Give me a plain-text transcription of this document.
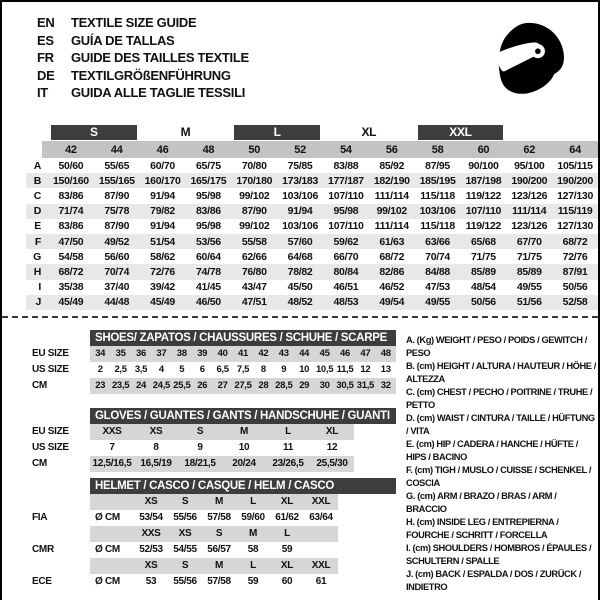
EN	TEXTILE SIZE GUIDE
ES	GUÍA DE TALLAS
FR	GUIDE DES TAILLES TEXTILE
DE	TEXTILGRÖßENFÜHRUNG
IT	GUIDA ALLE TAGLIE TESSILI
S	M	L	XL	XXL
42	44	46	48	50	52	54	56	58	60	62	64
A	50/60	55/65	60/70	65/75	70/80	75/85	83/88	85/92	87/95	90/100	95/100	105/115
B	150/160 155/165 160/170 165/175 170/180 173/183 177/187 182/190 185/195 187/198 190/200 190/200
C	83/86	87/90	91/94	95/98	99/102	103/106 107/110	111/114	115/118	119/122 123/126 127/130
D	71/74	75/78	79/82	83/86	87/90	91/94	95/98	99/102	103/106 107/110	111/114	115/119
E	83/86	87/90	91/94	95/98	99/102	103/106 107/110	111/114	115/118	119/122 123/126 127/130
F	47/50	49/52	51/54	53/56	55/58	57/60	59/62	61/63	63/66	65/68	67/70	68/72
G	54/58	56/60	58/62	60/64	62/66	64/68	66/70	68/72	70/74	71/75	71/75	72/76
H	68/72	70/74	72/76	74/78	76/80	78/82	80/84	82/86	84/88	85/89	85/89	87/91
I	35/38	37/40	39/42	41/45	43/47	45/50	46/51	46/52	47/53	48/54	49/55	50/56
J	45/49	44/48	45/49	46/50	47/51	48/52	48/53	49/54	49/55	50/56	51/56	52/58
SHOES/ ZAPATOS / CHAUSSURES / SCHUHE / SCARPE
EU SIZE	34	35	36	37	38	39	40	41	42	43	44	45	46	47	48
US SIZE	2	2,5 3,5	4	5	6	6,5 7,5	8	9	10 10,5 11,5 12	13
CM	23 23,5 24 24,5 25,5 26	27 27,5 28 28,5 29	30 30,5 31,5 32
GLOVES / GUANTES / GANTS / HANDSCHUHE / GUANTI
EU SIZE	XXS	XS	S	M	L	XL
US SIZE	7	8	9	10	11	12
CM	12,5/16,5 16,5/19	18/21,5	20/24	23/26,5	25,5/30
HELMET / CASCO / CASQUE / HELM / CASCO
XS	S	M	L	XL	XXL
FIA	Ø CM	53/54	55/56	57/58	59/60	61/62	63/64
XXS	XS	S	M	L
CMR	Ø CM	52/53	54/55	56/57	58	59
XS	S	M	L	XL	XXL
ECE	Ø CM	53	55/56	57/58	59	60	61
A. (Kg) WEIGHT / PESO / POIDS / GEWITCH / PESO
B. (cm) HEIGHT / ALTURA / HAUTEUR / HÖHE / ALTEZZA
C. (cm) CHEST / PECHO / POITRINE / TRUHE / PETTO
D. (cm) WAIST / CINTURA / TAILLE / HÜFTUNG / VITA
E. (cm) HIP / CADERA / HANCHE / HÜFTE / HIPS / BACINO
F. (cm) TIGH / MUSLO / CUISSE / SCHENKEL / COSCIA
G. (cm) ARM / BRAZO / BRAS / ARM / BRACCIO
H. (cm) INSIDE LEG / ENTREPIERNA / FOURCHE / SCHRITT / FORCELLA
I. (cm) SHOULDERS / HOMBROS / ÉPAULES / SCHULTERN / SPALLE
J. (cm) BACK / ESPALDA / DOS / ZURÜCK / INDIETRO
